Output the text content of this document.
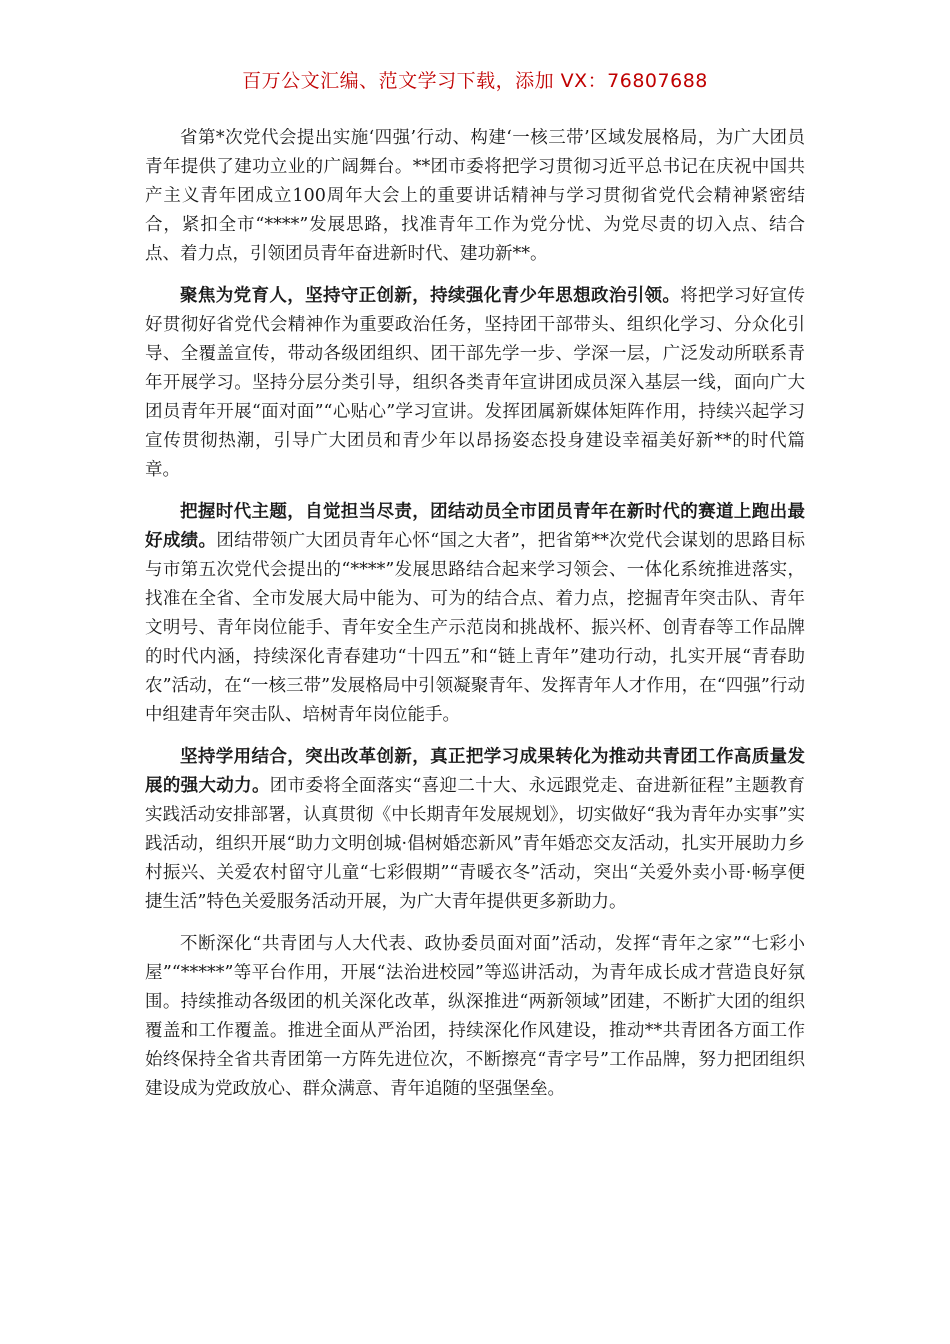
百万公文汇编、范文学习下载，添加 VX：76807688

省第*次党代会提出实施‘四强’行动、构建‘一核三带’区域发展格局，为广大团员青年提供了建功立业的广阔舞台。**团市委将把学习贯彻习近平总书记在庆祝中国共产主义青年团成立100周年大会上的重要讲话精神与学习贯彻省党代会精神紧密结合，紧扣全市“****”发展思路，找准青年工作为党分忧、为党尽责的切入点、结合点、着力点，引领团员青年奋进新时代、建功新**。

聚焦为党育人，坚持守正创新，持续强化青少年思想政治引领。将把学习好宣传好贯彻好省党代会精神作为重要政治任务，坚持团干部带头、组织化学习、分众化引导、全覆盖宣传，带动各级团组织、团干部先学一步、学深一层，广泛发动所联系青年开展学习。坚持分层分类引导，组织各类青年宣讲团成员深入基层一线，面向广大团员青年开展“面对面”“心贴心”学习宣讲。发挥团属新媒体矩阵作用，持续兴起学习宣传贯彻热潮，引导广大团员和青少年以昂扬姿态投身建设幸福美好新**的时代篇章。

把握时代主题，自觉担当尽责，团结动员全市团员青年在新时代的赛道上跑出最好成绩。团结带领广大团员青年心怀“国之大者”，把省第**次党代会谋划的思路目标与市第五次党代会提出的“****”发展思路结合起来学习领会、一体化系统推进落实，找准在全省、全市发展大局中能为、可为的结合点、着力点，挖掘青年突击队、青年文明号、青年岗位能手、青年安全生产示范岗和挑战杯、振兴杯、创青春等工作品牌的时代内涵，持续深化青春建功“十四五”和“链上青年”建功行动，扎实开展“青春助农”活动，在“一核三带”发展格局中引领凝聚青年、发挥青年人才作用，在“四强”行动中组建青年突击队、培树青年岗位能手。

坚持学用结合，突出改革创新，真正把学习成果转化为推动共青团工作高质量发展的强大动力。团市委将全面落实“喜迎二十大、永远跟党走、奋进新征程”主题教育实践活动安排部署，认真贯彻《中长期青年发展规划》，切实做好“我为青年办实事”实践活动，组织开展“助力文明创城·倡树婚恋新风”青年婚恋交友活动，扎实开展助力乡村振兴、关爱农村留守儿童“七彩假期”“青暖衣冬”活动，突出“关爱外卖小哥·畅享便捷生活”特色关爱服务活动开展，为广大青年提供更多新助力。

不断深化“共青团与人大代表、政协委员面对面”活动，发挥“青年之家”“七彩小屋”“*****”等平台作用，开展“法治进校园”等巡讲活动，为青年成长成才营造良好氛围。持续推动各级团的机关深化改革，纵深推进“两新领域”团建，不断扩大团的组织覆盖和工作覆盖。推进全面从严治团，持续深化作风建设，推动**共青团各方面工作始终保持全省共青团第一方阵先进位次，不断擦亮“青字号”工作品牌，努力把团组织建设成为党政放心、群众满意、青年追随的坚强堡垒。
